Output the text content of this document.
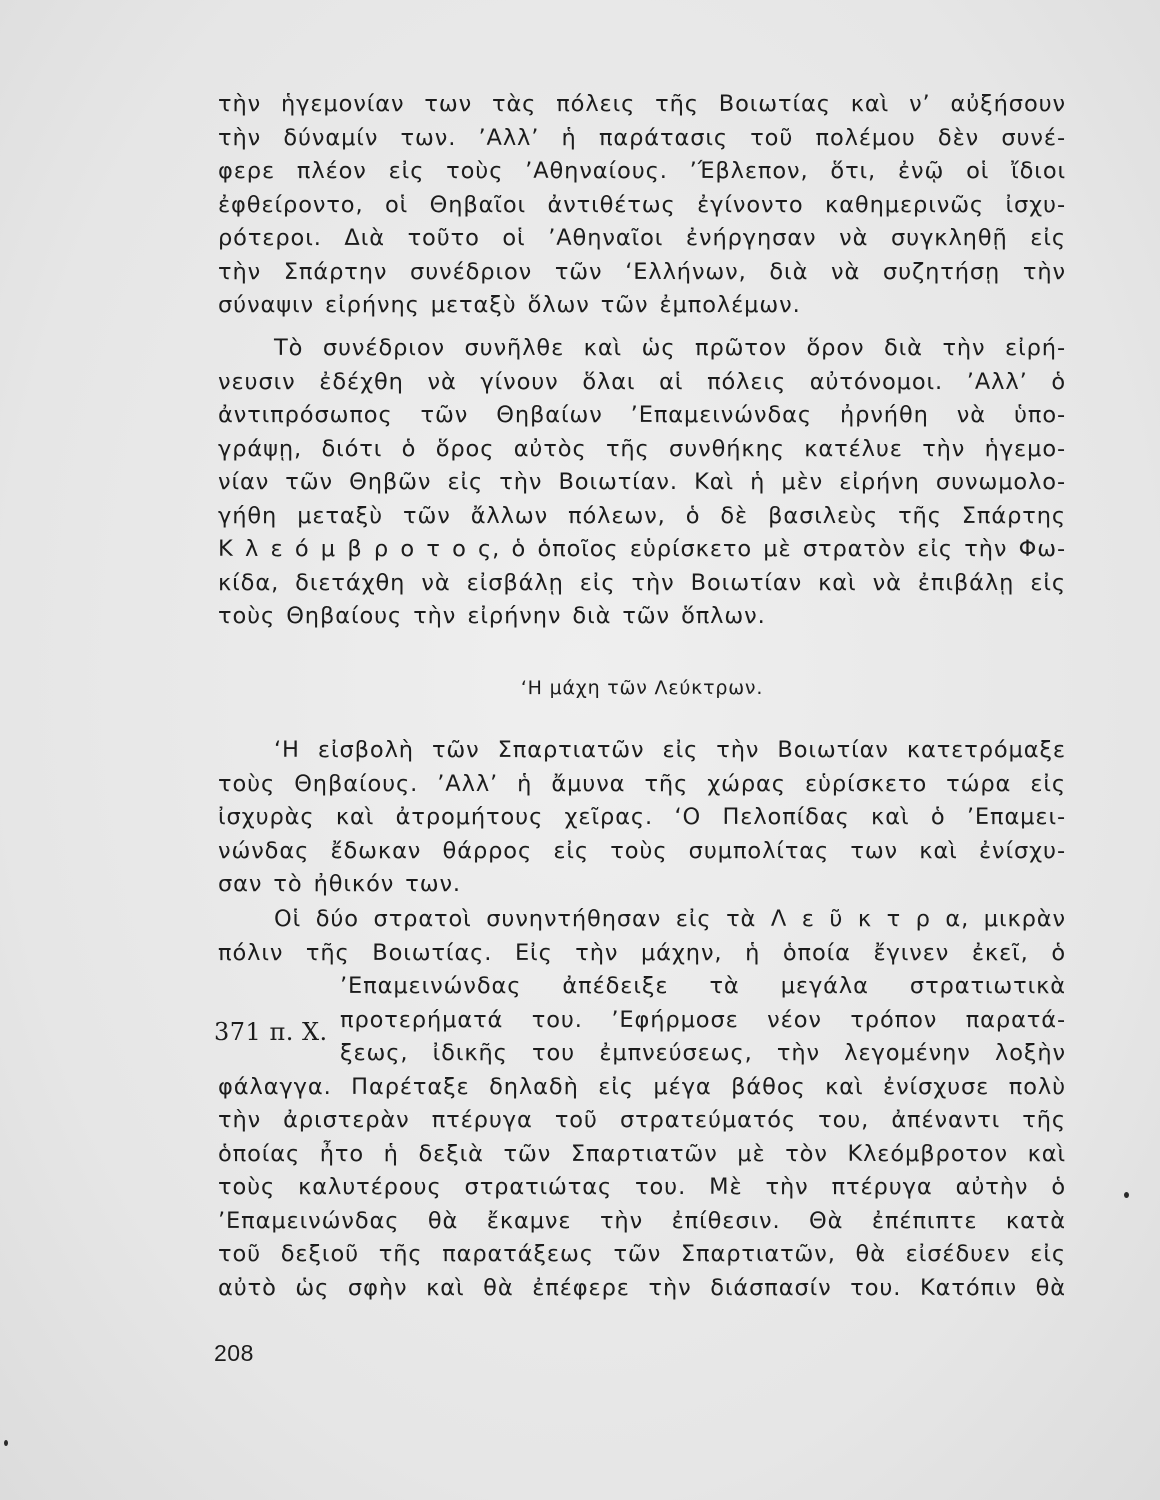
τὴν ἡγεμονίαν των τὰς πόλεις τῆς Βοιωτίας καὶ ν’ αὐξήσουν
τὴν δύναμίν των. ’Αλλ’ ἡ παράτασις τοῦ πολέμου δὲν συνέ-
φερε πλέον εἰς τοὺς ’Αθηναίους. ’Έβλεπον, ὅτι, ἐνῷ οἱ ἴδιοι
ἐφθείροντο, οἱ Θηβαῖοι ἀντιθέτως ἐγίνοντο καθημερινῶς ἰσχυ-
ρότεροι. Διὰ τοῦτο οἱ ’Αθηναῖοι ἐνήργησαν νὰ συγκληθῇ εἰς
τὴν Σπάρτην συνέδριον τῶν ‘Ελλήνων, διὰ νὰ συζητήσῃ τὴν
σύναψιν εἰρήνης μεταξὺ ὅλων τῶν ἐμπολέμων.
Τὸ συνέδριον συνῆλθε καὶ ὡς πρῶτον ὅρον διὰ τὴν εἰρή-
νευσιν ἐδέχθη νὰ γίνουν ὅλαι αἱ πόλεις αὐτόνομοι. ’Αλλ’ ὁ
ἀντιπρόσωπος τῶν Θηβαίων ’Επαμεινώνδας ἠρνήθη νὰ ὑπο-
γράψῃ, διότι ὁ ὅρος αὐτὸς τῆς συνθήκης κατέλυε τὴν ἡγεμο-
νίαν τῶν Θηβῶν εἰς τὴν Βοιωτίαν. Καὶ ἡ μὲν εἰρήνη συνωμολο-
γήθη μεταξὺ τῶν ἄλλων πόλεων, ὁ δὲ βασιλεὺς τῆς Σπάρτης
Κ λ ε ό μ β ρ ο τ ο ς, ὁ ὁποῖος εὑρίσκετο μὲ στρατὸν εἰς τὴν Φω-
κίδα, διετάχθη νὰ εἰσβάλῃ εἰς τὴν Βοιωτίαν καὶ νὰ ἐπιβάλῃ εἰς
τοὺς Θηβαίους τὴν εἰρήνην διὰ τῶν ὅπλων.
‘Η μάχη τῶν Λεύκτρων.
‘Η εἰσβολὴ τῶν Σπαρτιατῶν εἰς τὴν Βοιωτίαν κατετρόμαξε
τοὺς Θηβαίους. ’Αλλ’ ἡ ἄμυνα τῆς χώρας εὑρίσκετο τώρα εἰς
ἰσχυρὰς καὶ ἀτρομήτους χεῖρας. ‘Ο Πελοπίδας καὶ ὁ ’Επαμει-
νώνδας ἔδωκαν θάρρος εἰς τοὺς συμπολίτας των καὶ ἐνίσχυ-
σαν τὸ ἠθικόν των.
Οἱ δύο στρατοὶ συνηντήθησαν εἰς τὰ Λ ε ῦ κ τ ρ α, μικρὰν
πόλιν τῆς Βοιωτίας. Εἰς τὴν μάχην, ἡ ὁποία ἔγινεν ἐκεῖ, ὁ
’Επαμεινώνδας ἀπέδειξε τὰ μεγάλα στρατιωτικὰ
προτερήματά του. ’Εφήρμοσε νέον τρόπον παρατά-
ξεως, ἰδικῆς του ἐμπνεύσεως, τὴν λεγομένην λοξὴν
φάλαγγα. Παρέταξε δηλαδὴ εἰς μέγα βάθος καὶ ἐνίσχυσε πολὺ
τὴν ἀριστερὰν πτέρυγα τοῦ στρατεύματός του, ἀπέναντι τῆς
ὁποίας ἦτο ἡ δεξιὰ τῶν Σπαρτιατῶν μὲ τὸν Κλεόμβροτον καὶ
τοὺς καλυτέρους στρατιώτας του. Μὲ τὴν πτέρυγα αὐτὴν ὁ
’Επαμεινώνδας θὰ ἔκαμνε τὴν ἐπίθεσιν. Θὰ ἐπέπιπτε κατὰ
τοῦ δεξιοῦ τῆς παρατάξεως τῶν Σπαρτιατῶν, θὰ εἰσέδυεν εἰς
αὐτὸ ὡς σφὴν καὶ θὰ ἐπέφερε τὴν διάσπασίν του. Κατόπιν θὰ
371 π. Χ.
208
